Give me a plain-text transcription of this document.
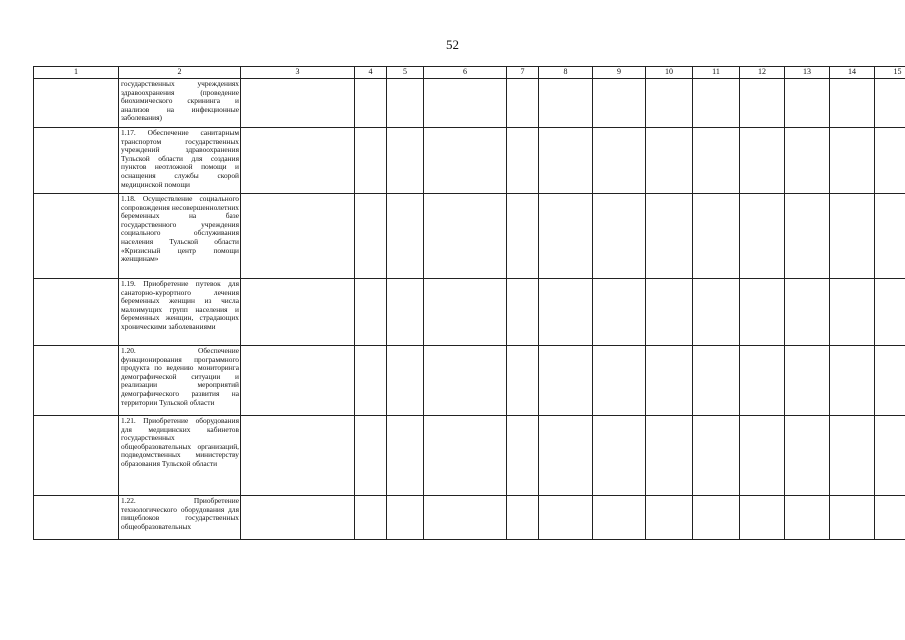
52
1	2	3	4	5	6	7	8	9	10	11	12	13	14	15
	государственных учреждениях здравоохранения (проведение биохимического скрининга и анализов на инфекционные заболевания)													
	1.17. Обеспечение санитарным транспортом государственных учреждений здравоохранения Тульской области для создания пунктов неотложной помощи и оснащения службы скорой медицинской помощи													
	1.18. Осуществление социального сопровождения несовершеннолетних беременных на базе государственного учреждения социального обслуживания населения Тульской области «Кризисный центр помощи женщинам»													
	1.19. Приобретение путевок для санаторно-курортного лечения беременных женщин из числа малоимущих групп населения и беременных женщин, страдающих хроническими заболеваниями													
	1.20. Обеспечение функционирования программного продукта по ведению мониторинга демографической ситуации и реализации мероприятий демографического развития на территории Тульской области													
	1.21. Приобретение оборудования для медицинских кабинетов государственных общеобразовательных организаций, подведомственных министерству образования Тульской области													
	1.22. Приобретение технологического оборудования для пищеблоков государственных общеобразовательных													
